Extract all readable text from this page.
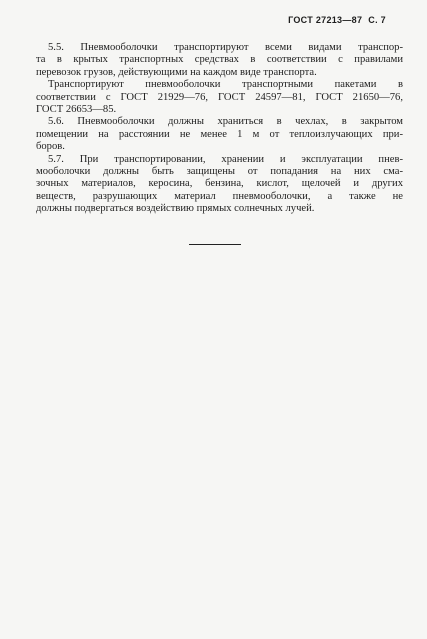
ГОСТ 27213—87 С. 7
5.5. Пневмооболочки транспортируют всеми видами транспор-
та в крытых транспортных средствах в соответствии с правилами
перевозок грузов, действующими на каждом виде транспорта.
Транспортируют пневмооболочки транспортными пакетами в
соответствии с ГОСТ 21929—76, ГОСТ 24597—81, ГОСТ 21650—76,
ГОСТ 26653—85.
5.6. Пневмооболочки должны храниться в чехлах, в закрытом
помещении на расстоянии не менее 1 м от теплоизлучающих при-
боров.
5.7. При транспортировании, хранении и эксплуатации пнев-
мооболочки должны быть защищены от попадания на них сма-
зочных материалов, керосина, бензина, кислот, щелочей и других
веществ, разрушающих материал пневмооболочки, а также не
должны подвергаться воздействию прямых солнечных лучей.
